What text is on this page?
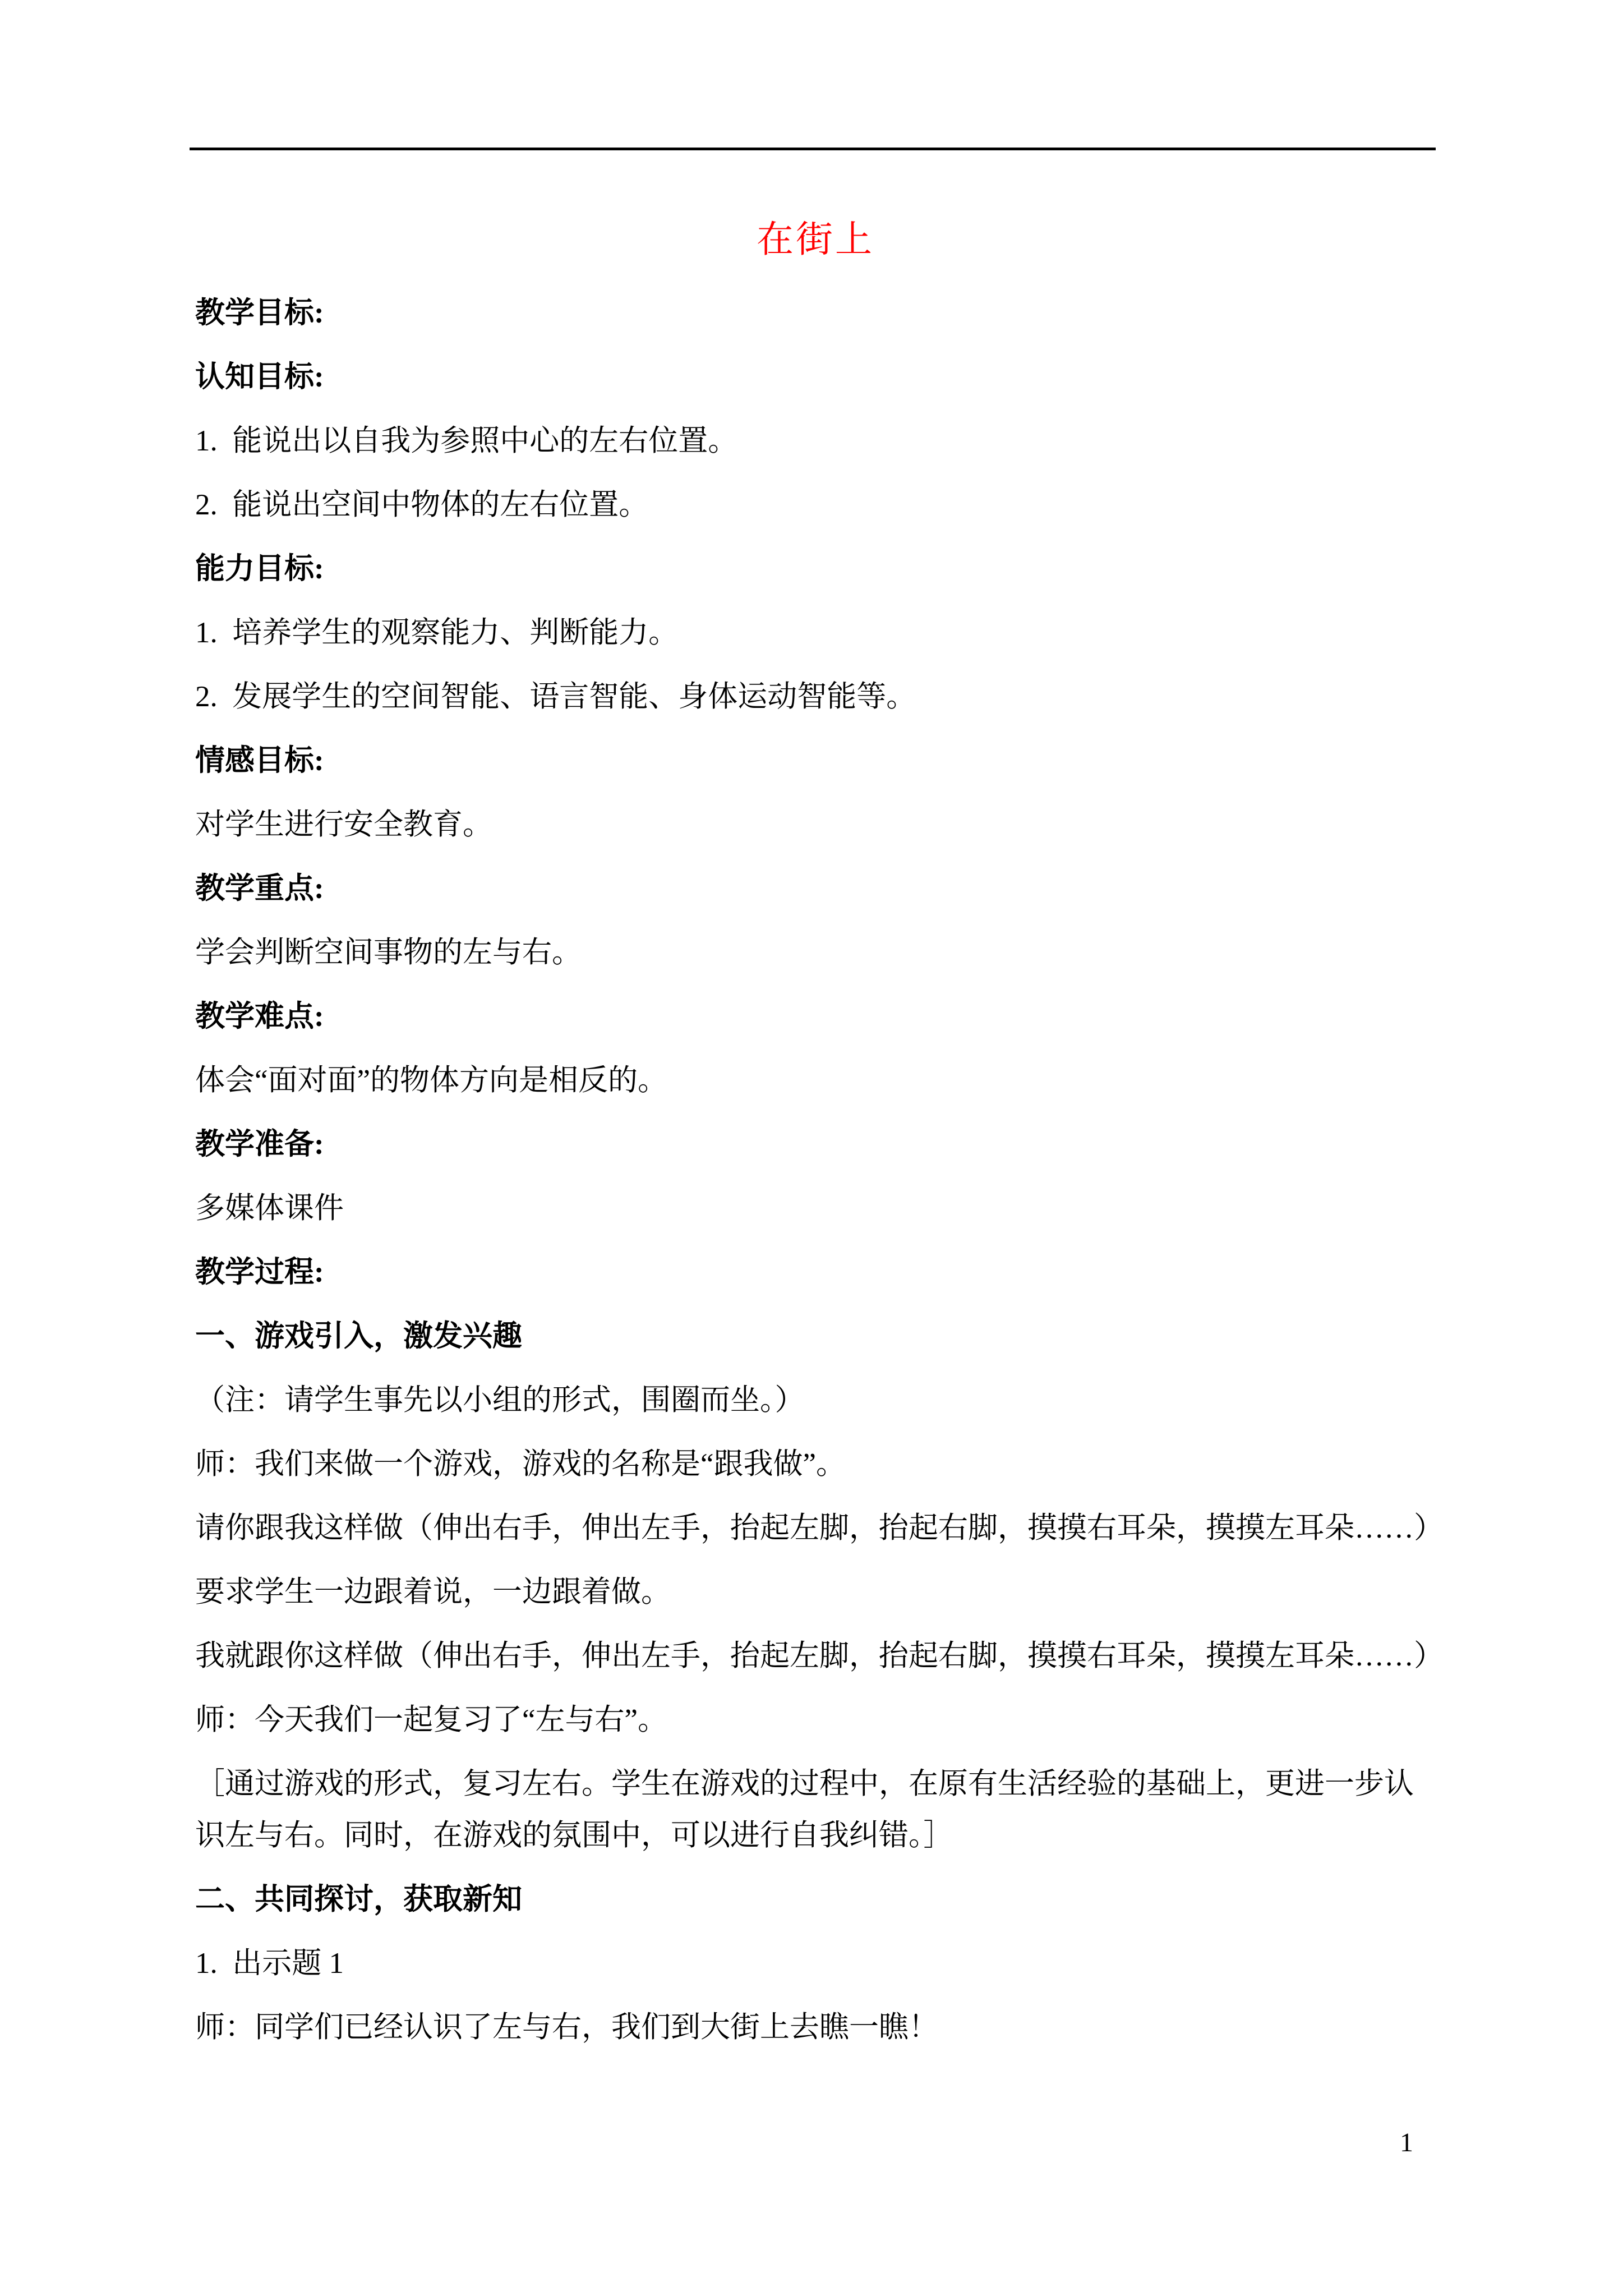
在街上

教学目标:

认知目标:

1.  能说出以自我为参照中心的左右位置。

2.  能说出空间中物体的左右位置。

能力目标:

1.  培养学生的观察能力、判断能力。

2.  发展学生的空间智能、语言智能、身体运动智能等。

情感目标:

对学生进行安全教育。

教学重点:

学会判断空间事物的左与右。

教学难点:

体会“面对面”的物体方向是相反的。

教学准备:

多媒体课件

教学过程:

一、游戏引入，激发兴趣

（注：请学生事先以小组的形式，围圈而坐。）

师：我们来做一个游戏，游戏的名称是“跟我做”。

请你跟我这样做（伸出右手，伸出左手，抬起左脚，抬起右脚，摸摸右耳朵，摸摸左耳朵……）

要求学生一边跟着说，一边跟着做。

我就跟你这样做（伸出右手，伸出左手，抬起左脚，抬起右脚，摸摸右耳朵，摸摸左耳朵……）

师：今天我们一起复习了“左与右”。

［通过游戏的形式，复习左右。学生在游戏的过程中，在原有生活经验的基础上，更进一步认识左与右。同时，在游戏的氛围中，可以进行自我纠错。］

二、共同探讨，获取新知

1.  出示题 1

师：同学们已经认识了左与右，我们到大街上去瞧一瞧！

1
